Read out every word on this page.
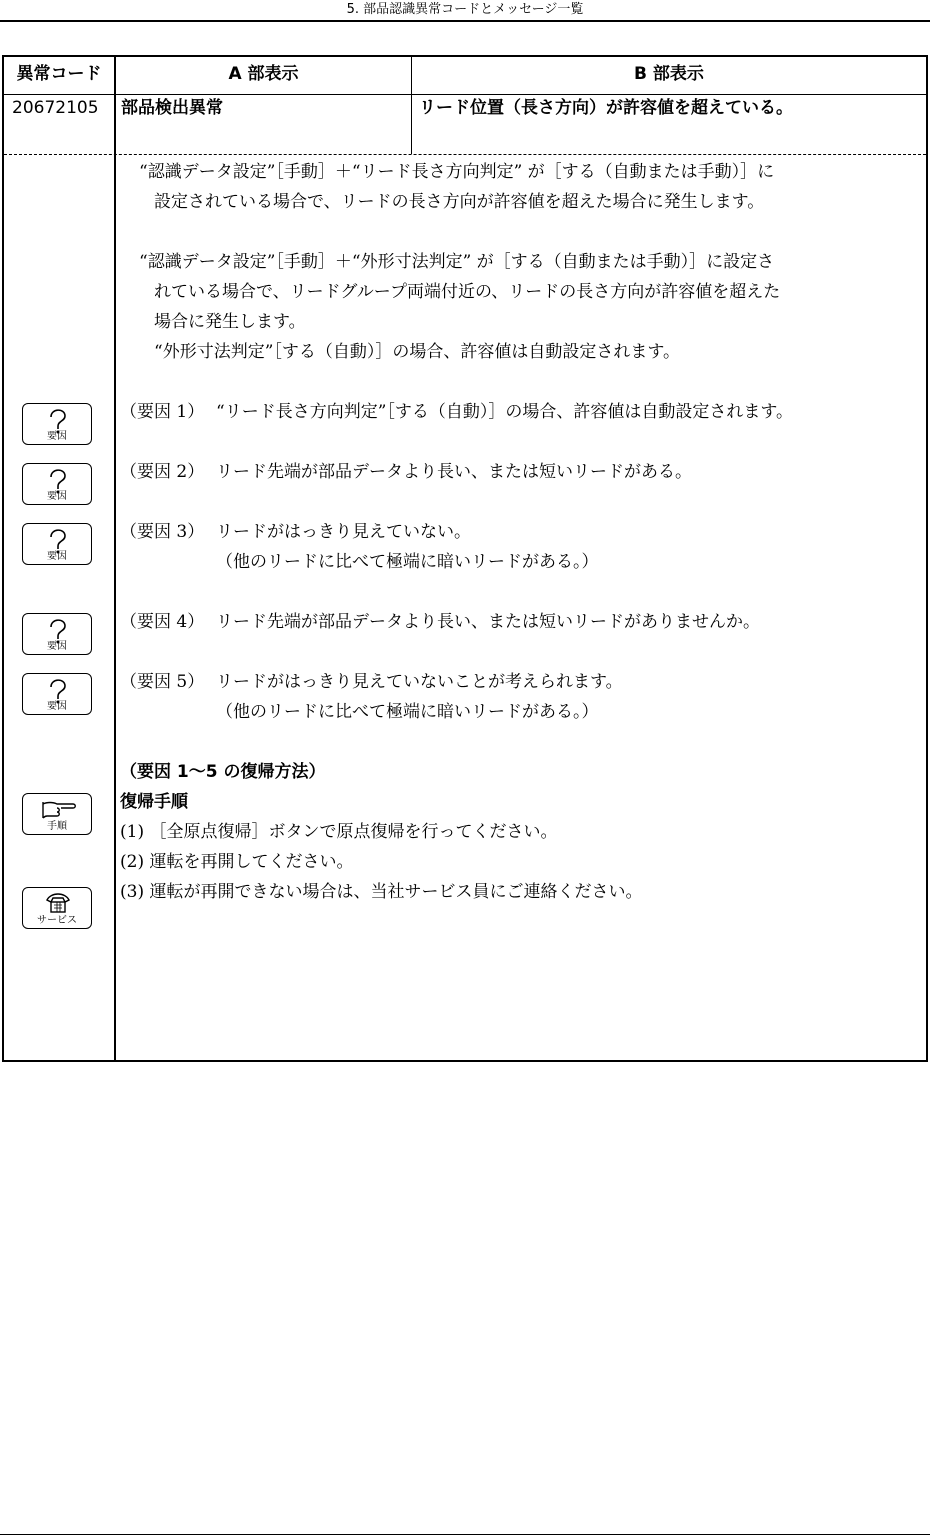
5. 部品認識異常コードとメッセージ一覧
異常コード	A 部表示	B 部表示
20672105 部品検出異常	リード位置（長さ方向）が許容値を超えている。
“認識データ設定”［手動］＋“リード長さ方向判定” が［する（自動または手動）］に
設定されている場合で、リードの長さ方向が許容値を超えた場合に発生します。
“認識データ設定”［手動］＋“外形寸法判定” が［する（自動または手動）］に設定さ
れている場合で、リードグループ両端付近の、リードの長さ方向が許容値を超えた
場合に発生します。
“外形寸法判定”［する（自動）］の場合、許容値は自動設定されます。
（要因 1） “リード長さ方向判定”［する（自動）］の場合、許容値は自動設定されます。
（要因 2） リード先端が部品データより長い、または短いリードがある。
（要因 3） リードがはっきり見えていない。
（他のリードに比べて極端に暗いリードがある。）
（要因 4） リード先端が部品データより長い、または短いリードがありませんか。
（要因 5） リードがはっきり見えていないことが考えられます。
（他のリードに比べて極端に暗いリードがある。）
（要因 1～5 の復帰方法）
復帰手順
(1) ［全原点復帰］ボタンで原点復帰を行ってください。
(2) 運転を再開してください。
(3) 運転が再開できない場合は、当社サービス員にご連絡ください。
要因
要因
要因
要因
要因
手順
サービス
